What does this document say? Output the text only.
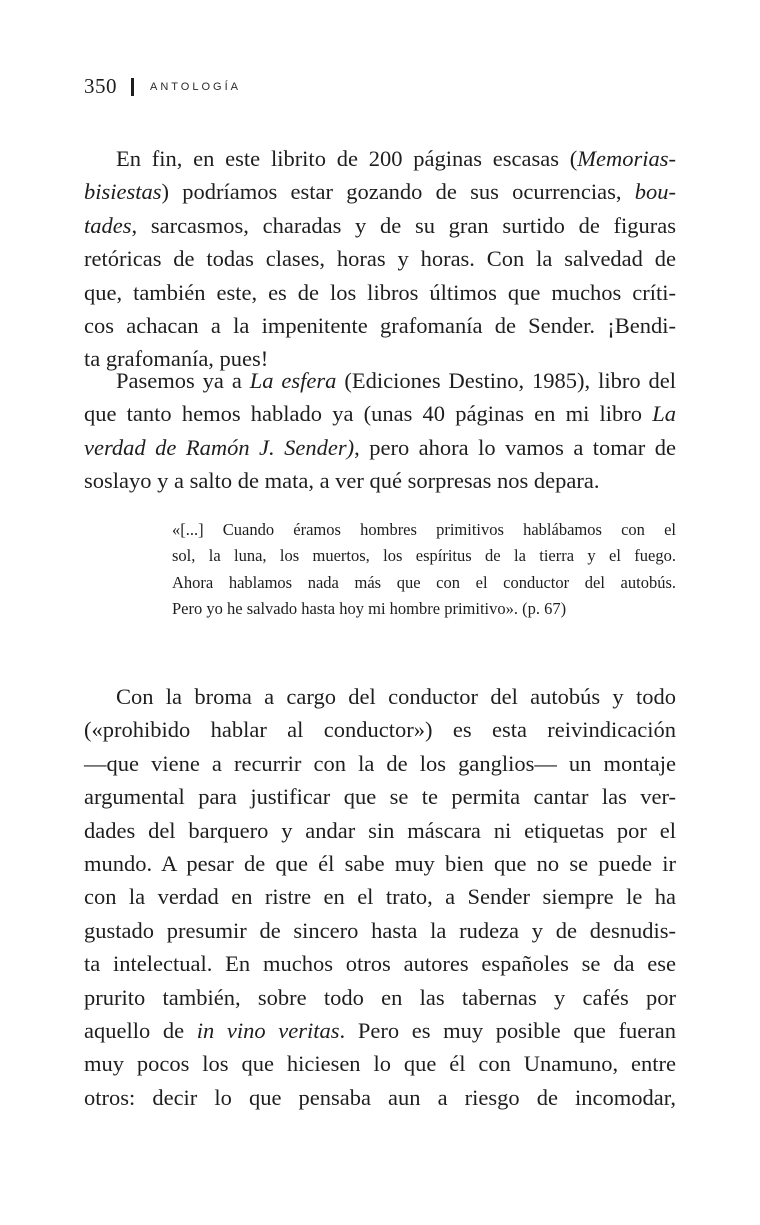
350	ANTOLOGÍA
En fin, en este librito de 200 páginas escasas (Memorias-
bisiestas) podríamos estar gozando de sus ocurrencias, bou-
tades, sarcasmos, charadas y de su gran surtido de figuras
retóricas de todas clases, horas y horas. Con la salvedad de
que, también este, es de los libros últimos que muchos críti-
cos achacan a la impenitente grafomanía de Sender. ¡Bendi-
ta grafomanía, pues!
Pasemos ya a La esfera (Ediciones Destino, 1985), libro del
que tanto hemos hablado ya (unas 40 páginas en mi libro La
verdad de Ramón J. Sender), pero ahora lo vamos a tomar de
soslayo y a salto de mata, a ver qué sorpresas nos depara.
«[...] Cuando éramos hombres primitivos hablábamos con el
sol, la luna, los muertos, los espíritus de la tierra y el fuego.
Ahora hablamos nada más que con el conductor del autobús.
Pero yo he salvado hasta hoy mi hombre primitivo». (p. 67)
Con la broma a cargo del conductor del autobús y todo
(«prohibido hablar al conductor») es esta reivindicación
—que viene a recurrir con la de los ganglios— un montaje
argumental para justificar que se te permita cantar las ver-
dades del barquero y andar sin máscara ni etiquetas por el
mundo. A pesar de que él sabe muy bien que no se puede ir
con la verdad en ristre en el trato, a Sender siempre le ha
gustado presumir de sincero hasta la rudeza y de desnudis-
ta intelectual. En muchos otros autores españoles se da ese
prurito también, sobre todo en las tabernas y cafés por
aquello de in vino veritas. Pero es muy posible que fueran
muy pocos los que hiciesen lo que él con Unamuno, entre
otros: decir lo que pensaba aun a riesgo de incomodar,
